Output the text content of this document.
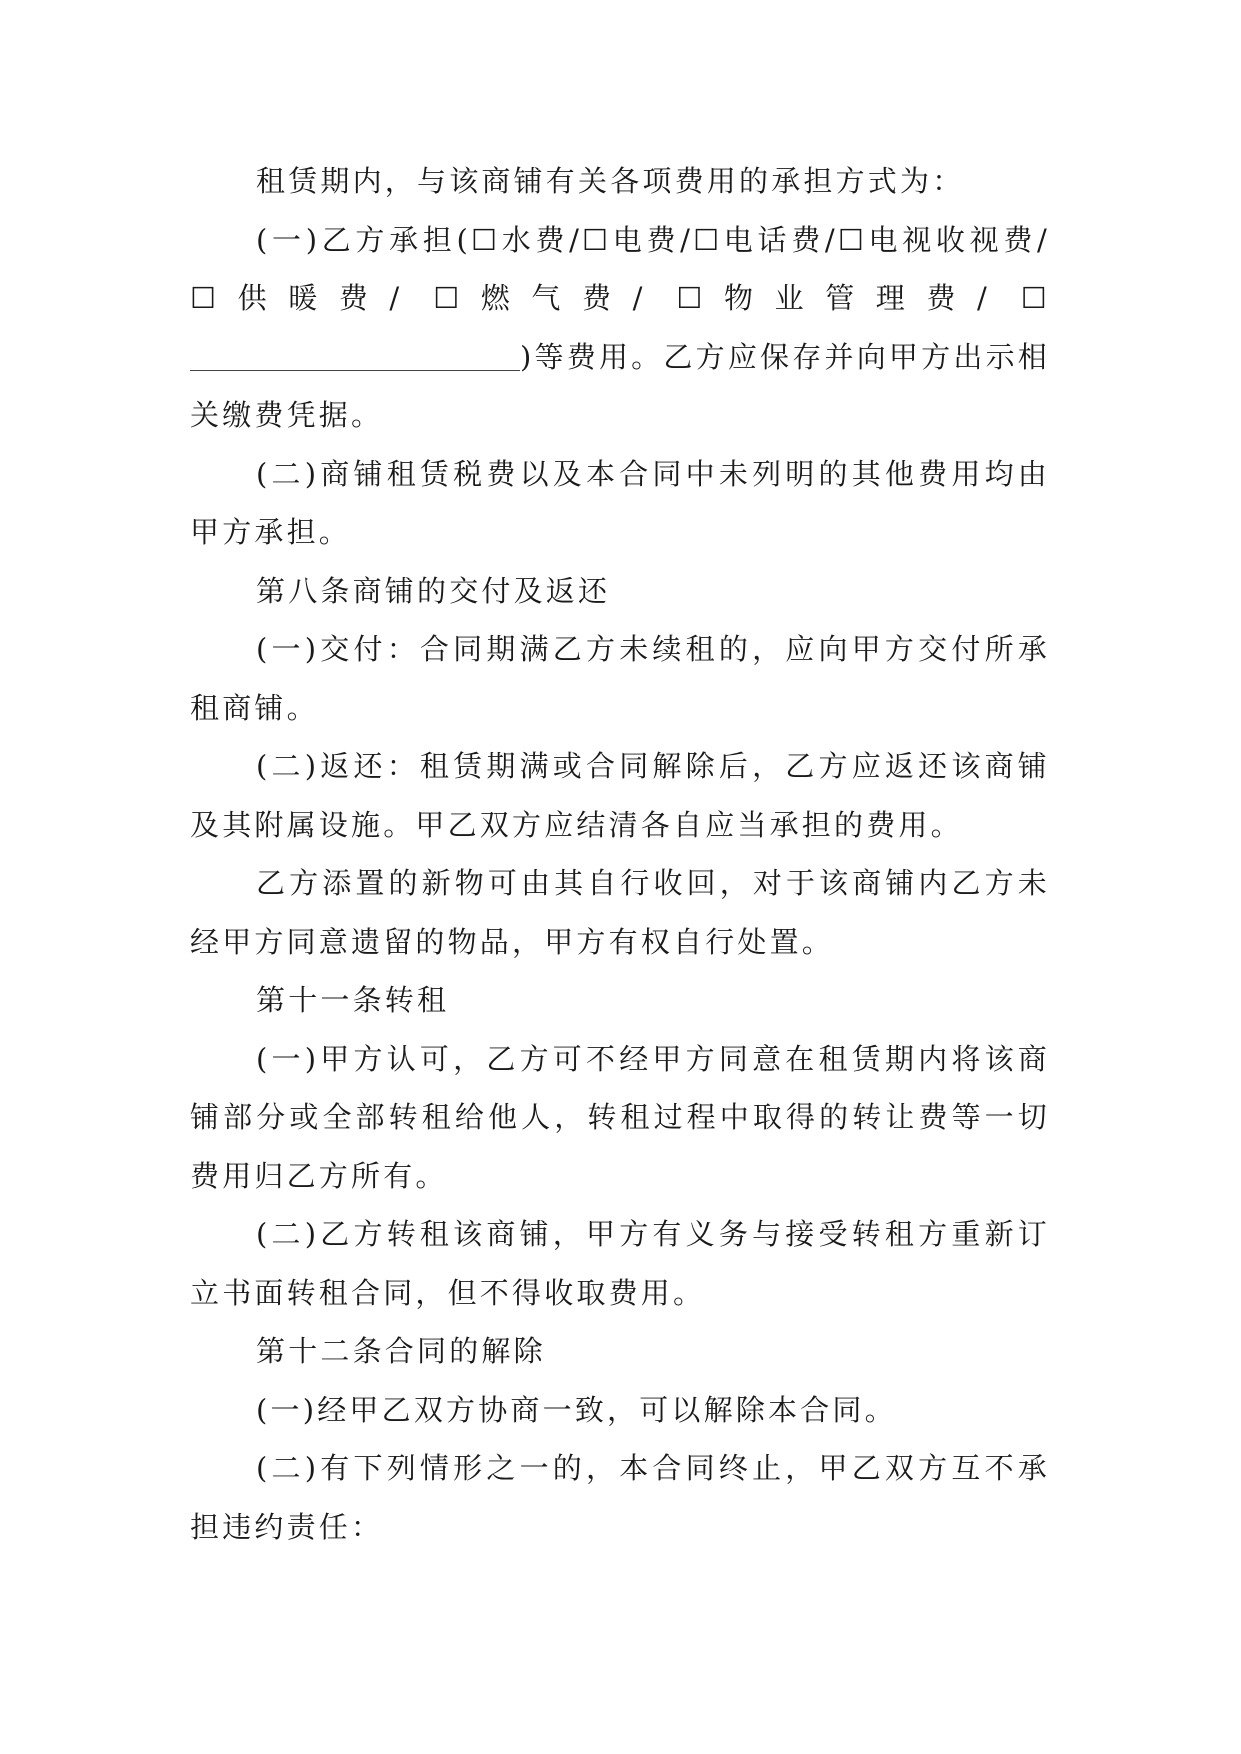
租赁期内，与该商铺有关各项费用的承担方式为：

(一)乙方承担(☐水费/☐电费/☐电话费/☐电视收视费/ ☐供暖费/ ☐燃气费/ ☐物业管理费/ ☐)等费用。乙方应保存并向甲方出示相关缴费凭据。

(二)商铺租赁税费以及本合同中未列明的其他费用均由甲方承担。

第八条商铺的交付及返还

(一)交付：合同期满乙方未续租的，应向甲方交付所承租商铺。

(二)返还：租赁期满或合同解除后，乙方应返还该商铺及其附属设施。甲乙双方应结清各自应当承担的费用。

乙方添置的新物可由其自行收回，对于该商铺内乙方未经甲方同意遗留的物品，甲方有权自行处置。

第十一条转租

(一)甲方认可，乙方可不经甲方同意在租赁期内将该商铺部分或全部转租给他人，转租过程中取得的转让费等一切费用归乙方所有。

(二)乙方转租该商铺，甲方有义务与接受转租方重新订立书面转租合同，但不得收取费用。

第十二条合同的解除

(一)经甲乙双方协商一致，可以解除本合同。

(二)有下列情形之一的，本合同终止，甲乙双方互不承担违约责任：
